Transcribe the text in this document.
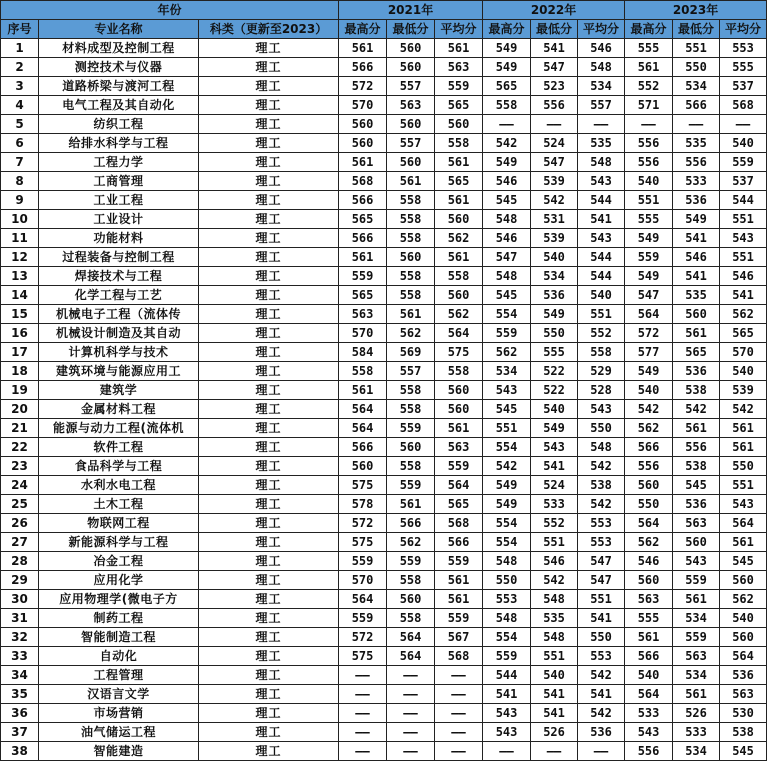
年份			2021年			2022年			2023年		
序号	专业名称	科类（更新至2023）	最高分	最低分	平均分	最高分	最低分	平均分	最高分	最低分	平均分
1	材料成型及控制工程	理工	561	560	561	549	541	546	555	551	553
2	测控技术与仪器	理工	566	560	563	549	547	548	561	550	555
3	道路桥梁与渡河工程	理工	572	557	559	565	523	534	552	534	537
4	电气工程及其自动化	理工	570	563	565	558	556	557	571	566	568
5	纺织工程	理工	560	560	560	——	——	——	——	——	——
6	给排水科学与工程	理工	560	557	558	542	524	535	556	535	540
7	工程力学	理工	561	560	561	549	547	548	556	556	559
8	工商管理	理工	568	561	565	546	539	543	540	533	537
9	工业工程	理工	566	558	561	545	542	544	551	536	544
10	工业设计	理工	565	558	560	548	531	541	555	549	551
11	功能材料	理工	566	558	562	546	539	543	549	541	543
12	过程装备与控制工程	理工	561	560	561	547	540	544	559	546	551
13	焊接技术与工程	理工	559	558	558	548	534	544	549	541	546
14	化学工程与工艺	理工	565	558	560	545	536	540	547	535	541
15	机械电子工程（流体传	理工	563	561	562	554	549	551	564	560	562
16	机械设计制造及其自动	理工	570	562	564	559	550	552	572	561	565
17	计算机科学与技术	理工	584	569	575	562	555	558	577	565	570
18	建筑环境与能源应用工	理工	558	557	558	534	522	529	549	536	540
19	建筑学	理工	561	558	560	543	522	528	540	538	539
20	金属材料工程	理工	564	558	560	545	540	543	542	542	542
21	能源与动力工程(流体机	理工	564	559	561	551	549	550	562	561	561
22	软件工程	理工	566	560	563	554	543	548	566	556	561
23	食品科学与工程	理工	560	558	559	542	541	542	556	538	550
24	水利水电工程	理工	575	559	564	549	524	538	560	545	551
25	土木工程	理工	578	561	565	549	533	542	550	536	543
26	物联网工程	理工	572	566	568	554	552	553	564	563	564
27	新能源科学与工程	理工	575	562	566	554	551	553	562	560	561
28	冶金工程	理工	559	559	559	548	546	547	546	543	545
29	应用化学	理工	570	558	561	550	542	547	560	559	560
30	应用物理学(微电子方	理工	564	560	561	553	548	551	563	561	562
31	制药工程	理工	559	558	559	548	535	541	555	534	540
32	智能制造工程	理工	572	564	567	554	548	550	561	559	560
33	自动化	理工	575	564	568	559	551	553	566	563	564
34	工程管理	理工	——	——	——	544	540	542	540	534	536
35	汉语言文学	理工	——	——	——	541	541	541	564	561	563
36	市场营销	理工	——	——	——	543	541	542	533	526	530
37	油气储运工程	理工	——	——	——	543	526	536	543	533	538
38	智能建造	理工	——	——	——	——	——	——	556	534	545
